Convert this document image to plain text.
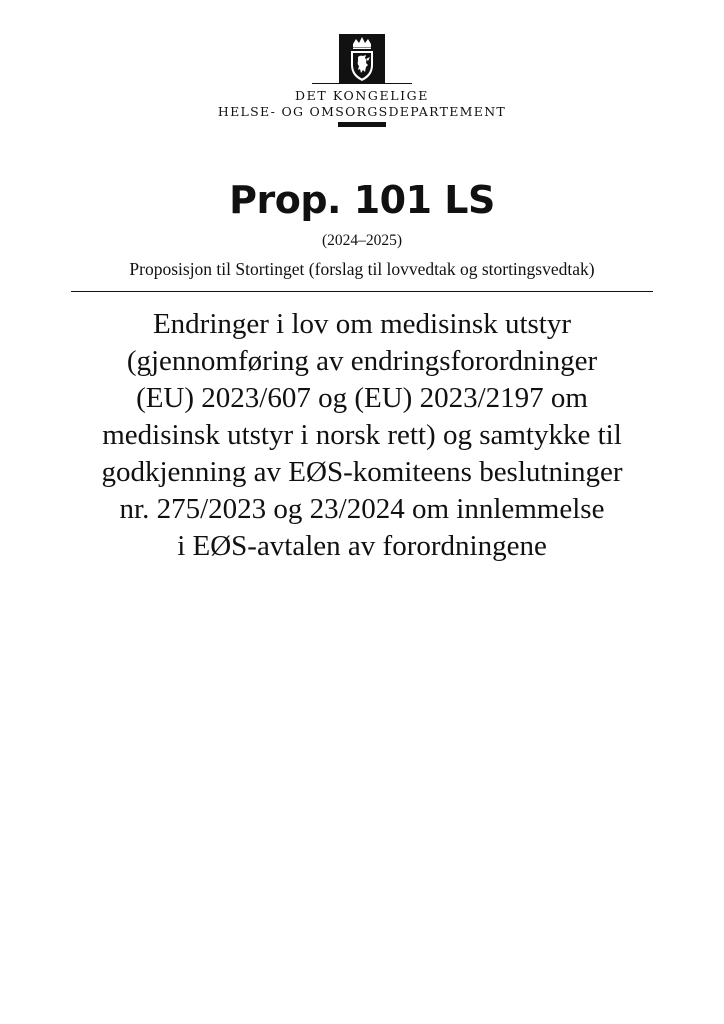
DET KONGELIGE
HELSE- OG OMSORGSDEPARTEMENT
Prop. 101 LS
(2024–2025)
Proposisjon til Stortinget (forslag til lovvedtak og stortingsvedtak)
Endringer i lov om medisinsk utstyr
(gjennomføring av endringsforordninger
(EU) 2023/607 og (EU) 2023/2197 om
medisinsk utstyr i norsk rett) og samtykke til
godkjenning av EØS-komiteens beslutninger
nr. 275/2023 og 23/2024 om innlemmelse
i EØS-avtalen av forordningene
